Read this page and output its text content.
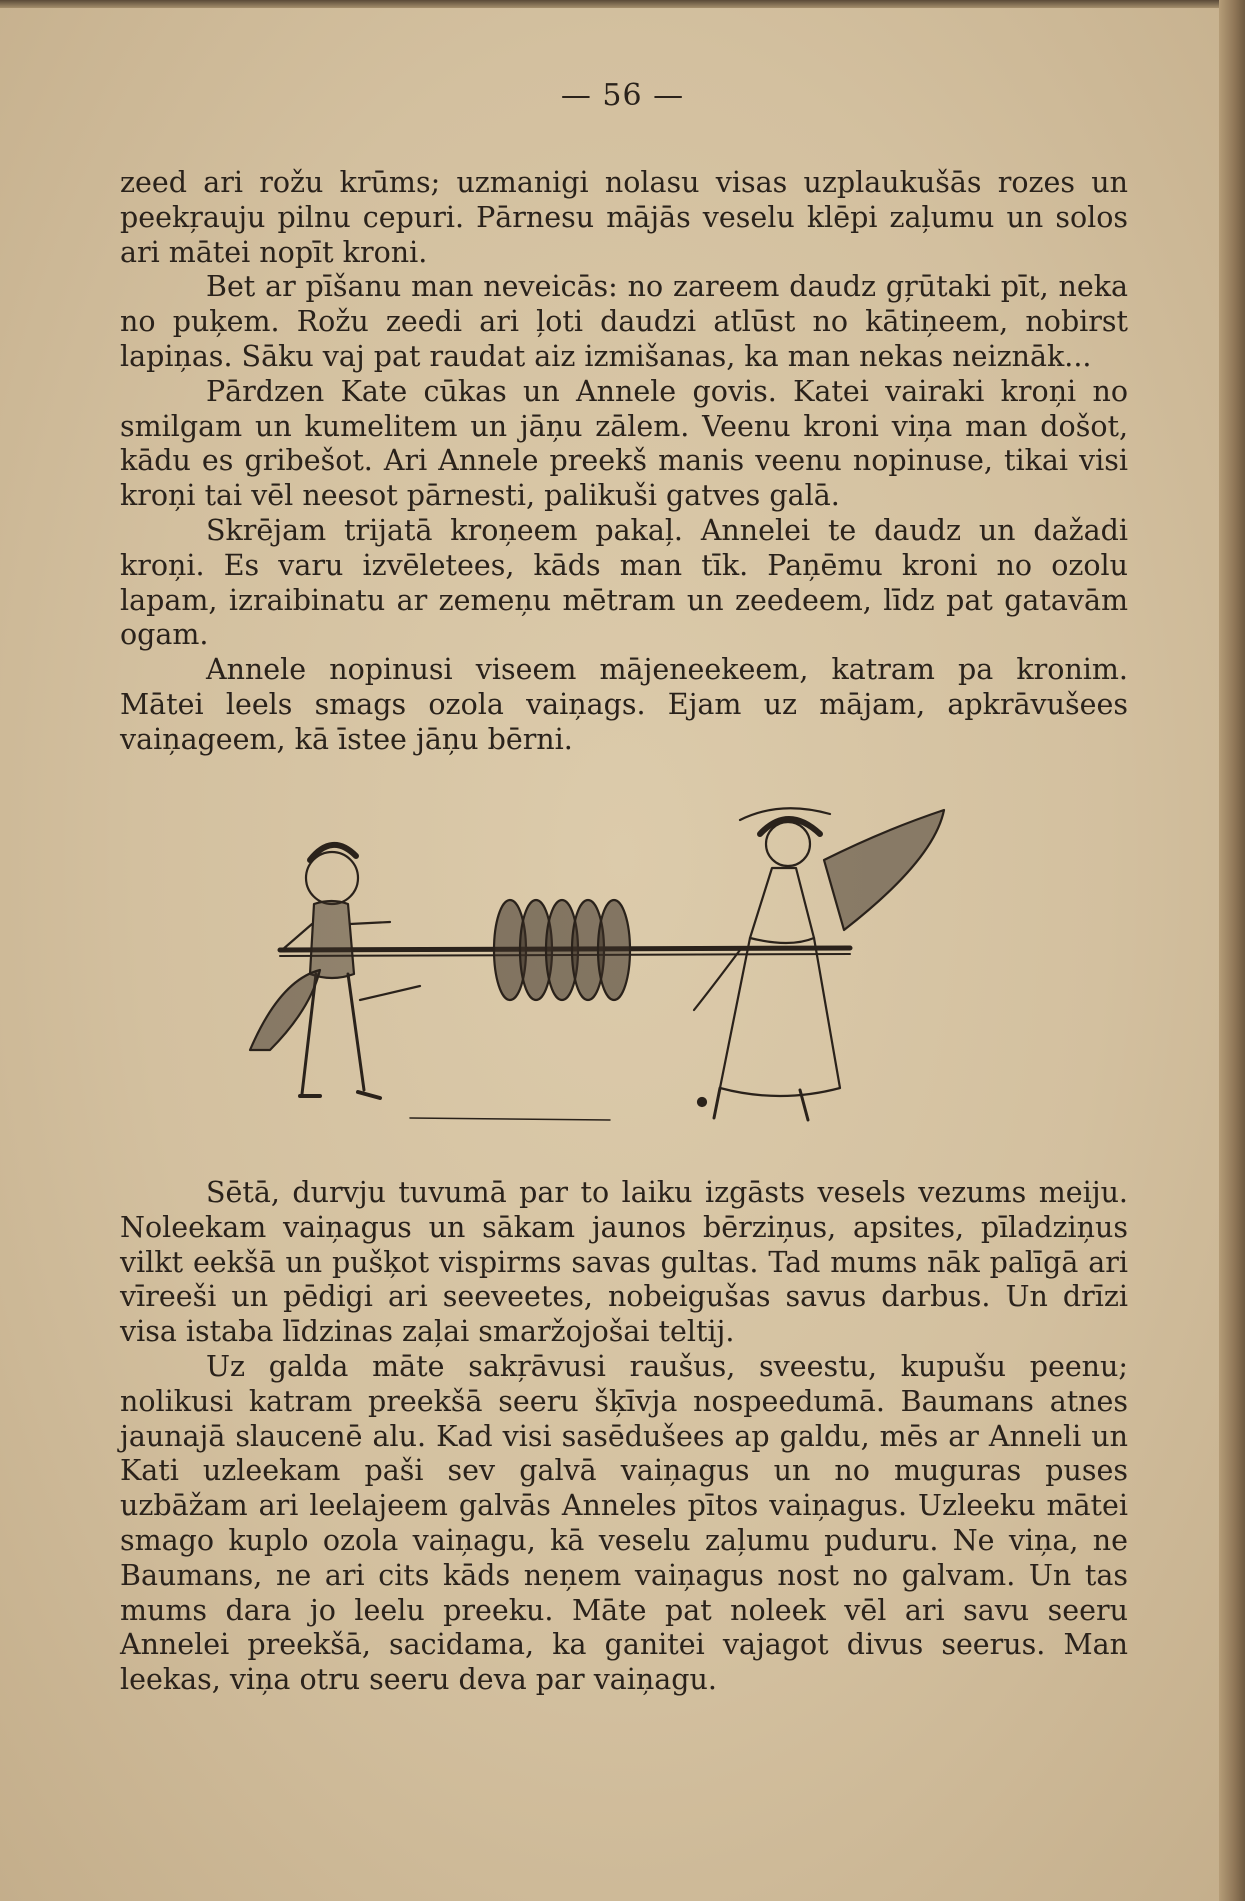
— 56 —

zeed ari rožu krūms; uzmanigi nolasu visas uzplaukušās rozes un peekŗauju pilnu cepuri. Pārnesu mājās veselu klēpi zaļumu un solos ari mātei nopīt kroni.

Bet ar pīšanu man neveicās: no zareem daudz gŗūtaki pīt, neka no puķem. Rožu zeedi ari ļoti daudzi atlūst no kātiņeem, nobirst lapiņas. Sāku vaj pat raudat aiz izmišanas, ka man nekas neiznāk...

Pārdzen Kate cūkas un Annele govis. Katei vairaki kroņi no smilgam un kumelitem un jāņu zālem. Veenu kroni viņa man došot, kādu es gribešot. Ari Annele preekš manis veenu nopinuse, tikai visi kroņi tai vēl neesot pārnesti, palikuši gatves galā.

Skrējam trijatā kroņeem pakaļ. Annelei te daudz un dažadi kroņi. Es varu izvēletees, kāds man tīk. Paņēmu kroni no ozolu lapam, izraibinatu ar zemeņu mētram un zeedeem, līdz pat gatavām ogam.

Annele nopinusi viseem mājeneekeem, katram pa kronim. Mātei leels smags ozola vaiņags. Ejam uz mājam, apkrāvušees vaiņageem, kā īstee jāņu bērni.

Sētā, durvju tuvumā par to laiku izgāsts vesels vezums meiju. Noleekam vaiņagus un sākam jaunos bērziņus, apsites, pīladziņus vilkt eekšā un pušķot vispirms savas gultas. Tad mums nāk palīgā ari vīreeši un pēdigi ari seeveetes, nobeigušas savus darbus. Un drīzi visa istaba līdzinas zaļai smaržojošai teltij.

Uz galda māte sakŗāvusi raušus, sveestu, kupušu peenu; nolikusi katram preekšā seeru šķīvja nospeedumā. Baumans atnes jaunajā slaucenē alu. Kad visi sasēdušees ap galdu, mēs ar Anneli un Kati uzleekam paši sev galvā vaiņagus un no muguras puses uzbāžam ari leelajeem galvās Anneles pītos vaiņagus. Uzleeku mātei smago kuplo ozola vaiņagu, kā veselu zaļumu puduru. Ne viņa, ne Baumans, ne ari cits kāds neņem vaiņagus nost no galvam. Un tas mums dara jo leelu preeku. Māte pat noleek vēl ari savu seeru Annelei preekšā, sacidama, ka ganitei vajagot divus seerus. Man leekas, viņa otru seeru deva par vaiņagu.
